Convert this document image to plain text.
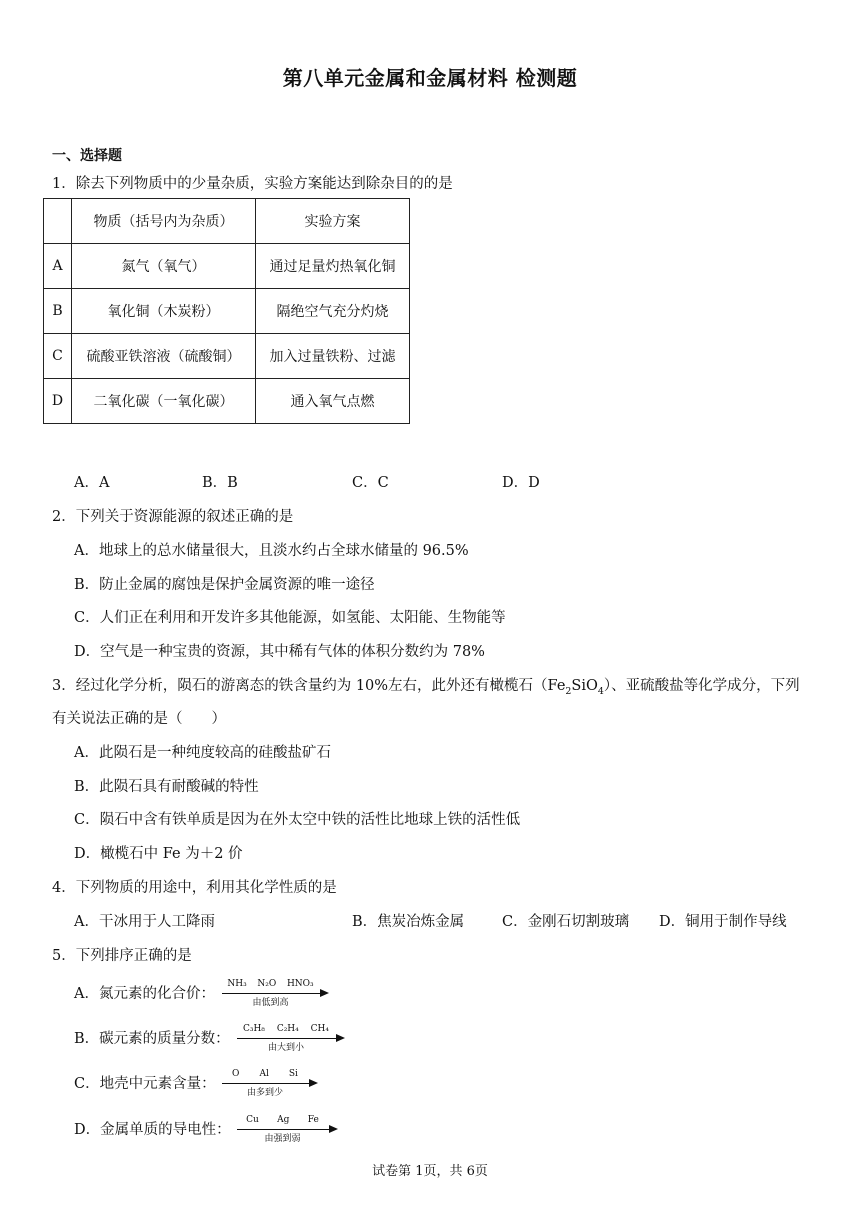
第八单元金属和金属材料 检测题
一、选择题
1．除去下列物质中的少量杂质，实验方案能达到除杂目的的是
	物质（括号内为杂质）	实验方案
A	氮气（氧气）	通过足量灼热氧化铜
B	氧化铜（木炭粉）	隔绝空气充分灼烧
C	硫酸亚铁溶液（硫酸铜）	加入过量铁粉、过滤
D	二氧化碳（一氧化碳）	通入氧气点燃
A．A	B．B	C．C	D．D
2．下列关于资源能源的叙述正确的是
A．地球上的总水储量很大，且淡水约占全球水储量的 96.5%
B．防止金属的腐蚀是保护金属资源的唯一途径
C．人们正在利用和开发许多其他能源，如氢能、太阳能、生物能等
D．空气是一种宝贵的资源，其中稀有气体的体积分数约为 78%
3．经过化学分析，陨石的游离态的铁含量约为 10%左右，此外还有橄榄石$(Fe_2SiO_4)$、亚硫酸盐等化学成分，下列
有关说法正确的是（　　）
A．此陨石是一种纯度较高的硅酸盐矿石
B．此陨石具有耐酸碱的特性
C．陨石中含有铁单质是因为在外太空中铁的活性比地球上铁的活性低
D．橄榄石中 Fe 为＋2 价
4．下列物质的用途中，利用其化学性质的是
A．干冰用于人工降雨	B．焦炭冶炼金属	C．金刚石切割玻璃 D．铜用于制作导线
5．下列排序正确的是
A．氮元素的化合价：
NH₃ N₂O HNO₃
由低到高
B．碳元素的质量分数：
C₃H₈ C₂H₄ CH₄
由大到小
C．地壳中元素含量：
O Al Si
由多到少
D．金属单质的导电性：
Cu Ag Fe
由强到弱
试卷第 1页，共 6页
